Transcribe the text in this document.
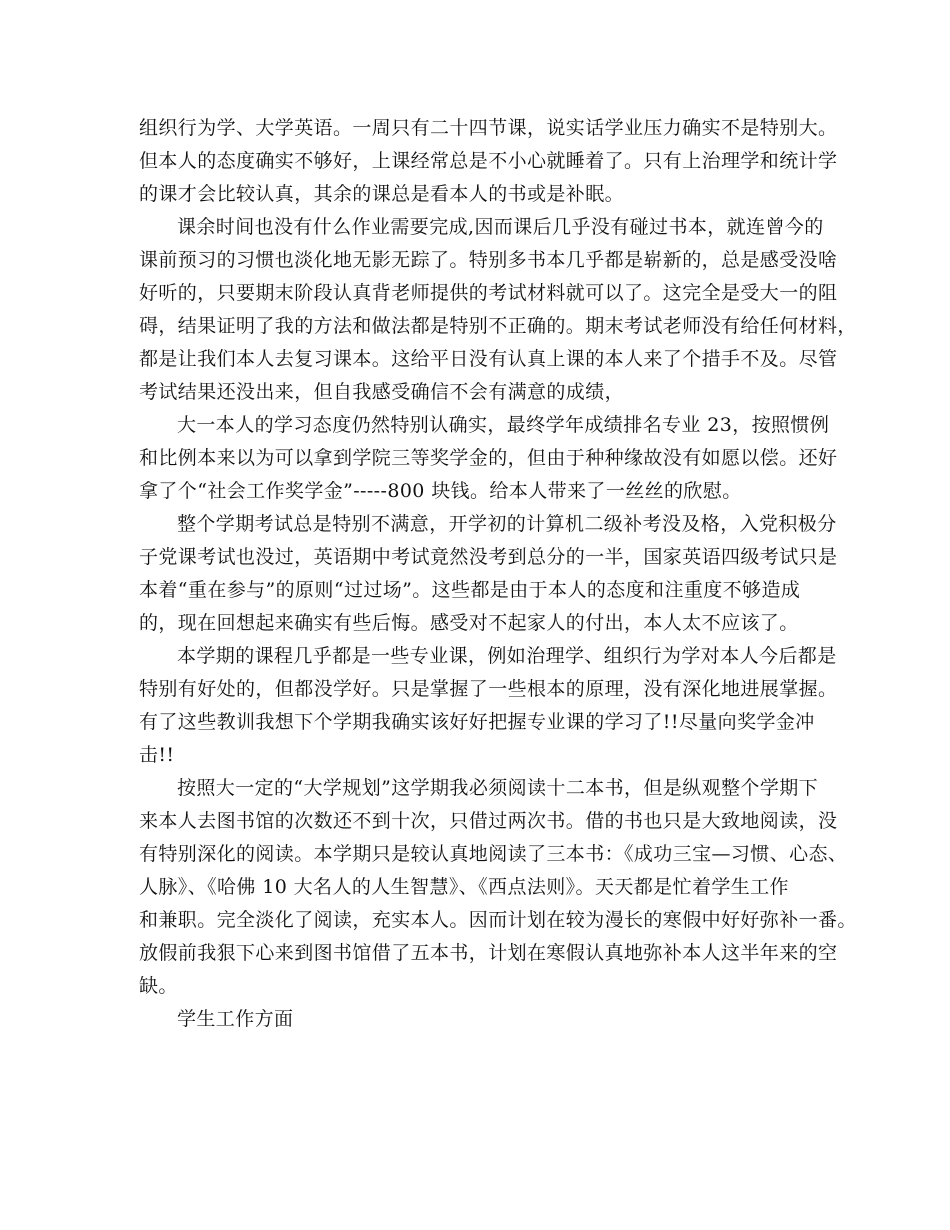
组织行为学、大学英语。一周只有二十四节课，说实话学业压力确实不是特别大。
但本人的态度确实不够好，上课经常总是不小心就睡着了。只有上治理学和统计学
的课才会比较认真，其余的课总是看本人的书或是补眠。
课余时间也没有什么作业需要完成,因而课后几乎没有碰过书本，就连曾今的
课前预习的习惯也淡化地无影无踪了。特别多书本几乎都是崭新的，总是感受没啥
好听的，只要期末阶段认真背老师提供的考试材料就可以了。这完全是受大一的阻
碍，结果证明了我的方法和做法都是特别不正确的。期末考试老师没有给任何材料，
都是让我们本人去复习课本。这给平日没有认真上课的本人来了个措手不及。尽管
考试结果还没出来，但自我感受确信不会有满意的成绩，
大一本人的学习态度仍然特别认确实，最终学年成绩排名专业 23，按照惯例
和比例本来以为可以拿到学院三等奖学金的，但由于种种缘故没有如愿以偿。还好
拿了个“社会工作奖学金”-----800 块钱。给本人带来了一丝丝的欣慰。
整个学期考试总是特别不满意，开学初的计算机二级补考没及格，入党积极分
子党课考试也没过，英语期中考试竟然没考到总分的一半，国家英语四级考试只是
本着“重在参与”的原则“过过场”。这些都是由于本人的态度和注重度不够造成
的，现在回想起来确实有些后悔。感受对不起家人的付出，本人太不应该了。
本学期的课程几乎都是一些专业课，例如治理学、组织行为学对本人今后都是
特别有好处的，但都没学好。只是掌握了一些根本的原理，没有深化地进展掌握。
有了这些教训我想下个学期我确实该好好把握专业课的学习了!!尽量向奖学金冲
击!!
按照大一定的“大学规划”这学期我必须阅读十二本书，但是纵观整个学期下
来本人去图书馆的次数还不到十次，只借过两次书。借的书也只是大致地阅读，没
有特别深化的阅读。本学期只是较认真地阅读了三本书：《成功三宝—习惯、心态、
人脉》、《哈佛 10 大名人的人生智慧》、《西点法则》。天天都是忙着学生工作
和兼职。完全淡化了阅读，充实本人。因而计划在较为漫长的寒假中好好弥补一番。
放假前我狠下心来到图书馆借了五本书，计划在寒假认真地弥补本人这半年来的空
缺。
学生工作方面
